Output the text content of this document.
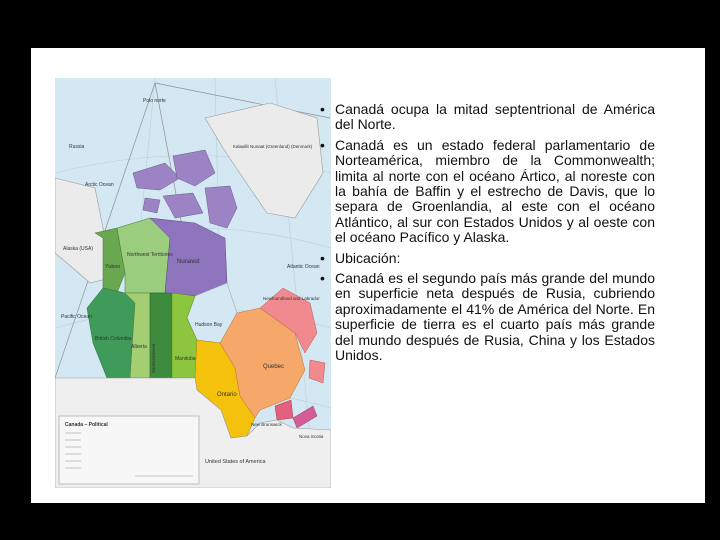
Polo norte
Russia
Arctic Ocean
Kalaallit Nunaat (Greenland) (Denmark)
Alaska (USA)
Yukon
Northwest Territories
Nunavut
Pacific Ocean
Atlantic Ocean
British Columbia
Alberta Saskatchewan	Manitoba
Ontario
Quebec
Newfoundland and Labrador
New Brunswick
Nova Scotia
Hudson Bay
United States of America
Canada – Political
• Canadá ocupa la mitad septentrional de América del Norte.
• Canadá es un estado federal parlamentario de Norteamérica, miembro de la Commonwealth; limita al norte con el océano Ártico, al noreste con la bahía de Baffin y el estrecho de Davis, que lo separa de Groenlandia, al este con el océano Atlántico, al sur con Estados Unidos y al oeste con el océano Pacífico y Alaska.
• Ubicación:
• Canadá es el segundo país más grande del mundo en superficie neta después de Rusia, cubriendo aproximadamente el 41% de América del Norte. En superficie de tierra es el cuarto país más grande del mundo después de Rusia, China y los Estados Unidos.
